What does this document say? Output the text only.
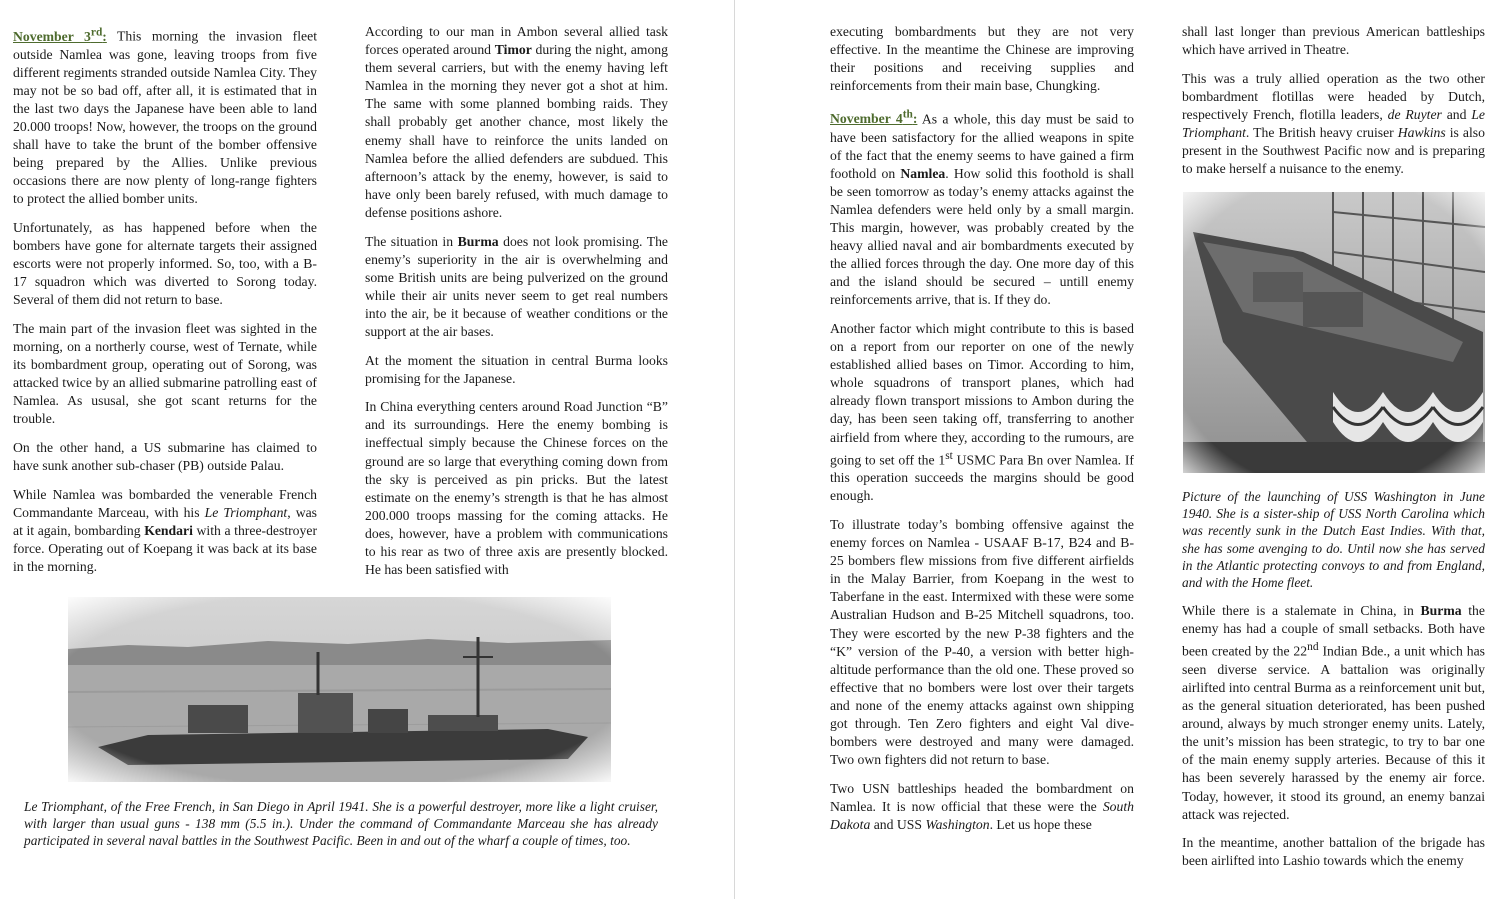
November 3rd: This morning the invasion fleet outside Namlea was gone, leaving troops from five different regiments stranded outside Namlea City. They may not be so bad off, after all, it is estimated that in the last two days the Japanese have been able to land 20.000 troops! Now, however, the troops on the ground shall have to take the brunt of the bomber offensive being prepared by the Allies. Unlike previous occasions there are now plenty of long-range fighters to protect the allied bomber units.

Unfortunately, as has happened before when the bombers have gone for alternate targets their assigned escorts were not properly informed. So, too, with a B-17 squadron which was diverted to Sorong today. Several of them did not return to base.

The main part of the invasion fleet was sighted in the morning, on a northerly course, west of Ternate, while its bombardment group, operating out of Sorong, was attacked twice by an allied submarine patrolling east of Namlea. As ususal, she got scant returns for the trouble.

On the other hand, a US submarine has claimed to have sunk another sub-chaser (PB) outside Palau.

While Namlea was bombarded the venerable French Commandante Marceau, with his Le Triomphant, was at it again, bombarding Kendari with a three-destroyer force. Operating out of Koepang it was back at its base in the morning.

According to our man in Ambon several allied task forces operated around Timor during the night, among them several carriers, but with the enemy having left Namlea in the morning they never got a shot at him. The same with some planned bombing raids. They shall probably get another chance, most likely the enemy shall have to reinforce the units landed on Namlea before the allied defenders are subdued. This afternoon’s attack by the enemy, however, is said to have only been barely refused, with much damage to defense positions ashore.

The situation in Burma does not look promising. The enemy’s superiority in the air is overwhelming and some British units are being pulverized on the ground while their air units never seem to get real numbers into the air, be it because of weather conditions or the support at the air bases.

At the moment the situation in central Burma looks promising for the Japanese.

In China everything centers around Road Junction “B” and its surroundings. Here the enemy bombing is ineffectual simply because the Chinese forces on the ground are so large that everything coming down from the sky is perceived as pin pricks. But the latest estimate on the enemy’s strength is that he has almost 200.000 troops massing for the coming attacks. He does, however, have a problem with communications to his rear as two of three axis are presently blocked. He has been satisfied with

Le Triomphant, of the Free French, in San Diego in April 1941. She is a powerful destroyer, more like a light cruiser, with larger than usual guns - 138 mm (5.5 in.). Under the command of Commandante Marceau she has already participated in several naval battles in the Southwest Pacific. Been in and out of the wharf a couple of times, too.

executing bombardments but they are not very effective. In the meantime the Chinese are improving their positions and receiving supplies and reinforcements from their main base, Chungking.

November 4th: As a whole, this day must be said to have been satisfactory for the allied weapons in spite of the fact that the enemy seems to have gained a firm foothold on Namlea. How solid this foothold is shall be seen tomorrow as today’s enemy attacks against the Namlea defenders were held only by a small margin. This margin, however, was probably created by the heavy allied naval and air bombardments executed by the allied forces through the day. One more day of this and the island should be secured – untill enemy reinforcements arrive, that is. If they do.

Another factor which might contribute to this is based on a report from our reporter on one of the newly established allied bases on Timor. According to him, whole squadrons of transport planes, which had already flown transport missions to Ambon during the day, has been seen taking off, transferring to another airfield from where they, according to the rumours, are going to set off the 1st USMC Para Bn over Namlea. If this operation succeeds the margins should be good enough.

To illustrate today’s bombing offensive against the enemy forces on Namlea - USAAF B-17, B24 and B-25 bombers flew missions from five different airfields in the Malay Barrier, from Koepang in the west to Taberfane in the east. Intermixed with these were some Australian Hudson and B-25 Mitchell squadrons, too. They were escorted by the new P-38 fighters and the “K” version of the P-40, a version with better high-altitude performance than the old one. These proved so effective that no bombers were lost over their targets and none of the enemy attacks against own shipping got through. Ten Zero fighters and eight Val dive-bombers were destroyed and many were damaged. Two own fighters did not return to base.

Two USN battleships headed the bombardment on Namlea. It is now official that these were the South Dakota and USS Washington. Let us hope these

shall last longer than previous American battleships which have arrived in Theatre.

This was a truly allied operation as the two other bombardment flotillas were headed by Dutch, respectively French, flotilla leaders, de Ruyter and Le Triomphant. The British heavy cruiser Hawkins is also present in the Southwest Pacific now and is preparing to make herself a nuisance to the enemy.

Picture of the launching of USS Washington in June 1940. She is a sister-ship of USS North Carolina which was recently sunk in the Dutch East Indies. With that, she has some avenging to do. Until now she has served in the Atlantic protecting convoys to and from England, and with the Home fleet.

While there is a stalemate in China, in Burma the enemy has had a couple of small setbacks. Both have been created by the 22nd Indian Bde., a unit which has seen diverse service. A battalion was originally airlifted into central Burma as a reinforcement unit but, as the general situation deteriorated, has been pushed around, always by much stronger enemy units. Lately, the unit’s mission has been strategic, to try to bar one of the main enemy supply arteries. Because of this it has been severely harassed by the enemy air force. Today, however, it stood its ground, an enemy banzai attack was rejected.

In the meantime, another battalion of the brigade has been airlifted into Lashio towards which the enemy
